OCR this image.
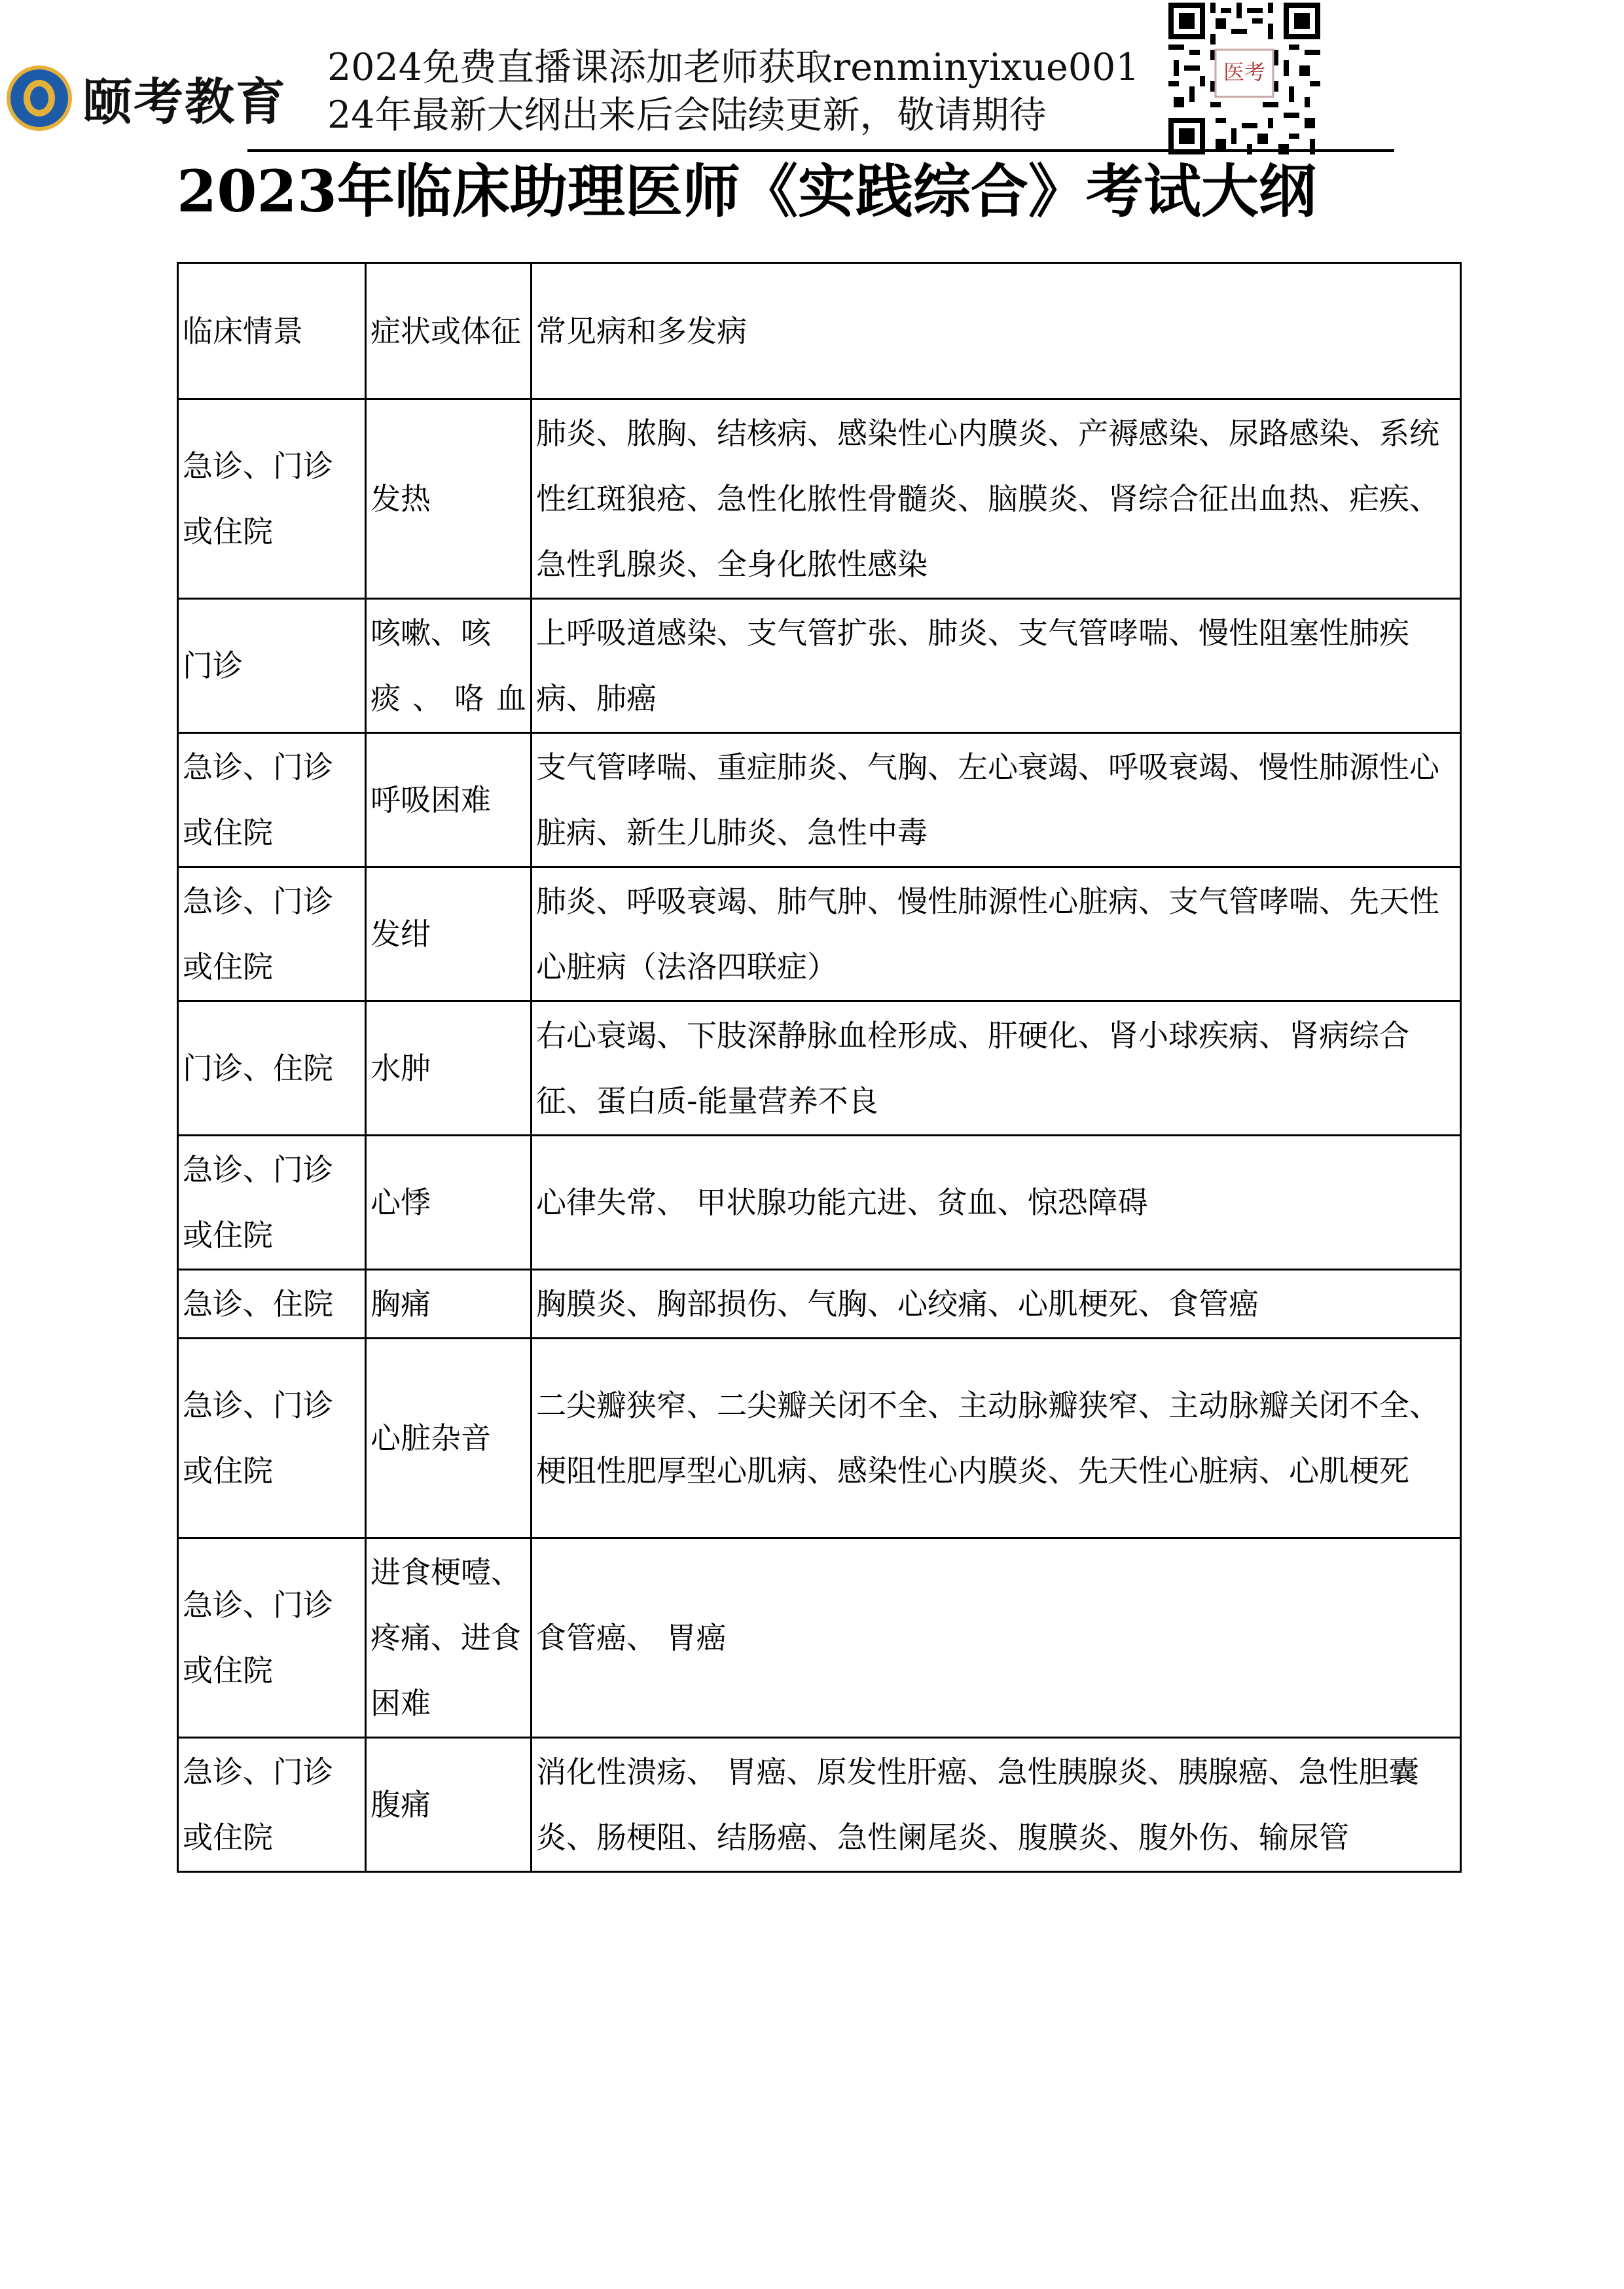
颐考教育
2024免费直播课添加老师获取renminyixue001
24年最新大纲出来后会陆续更新，敬请期待
医考
2023年临床助理医师《实践综合》考试大纲
临床情景	症状或体征	常见病和多发病
急诊、门诊或住院	发热	肺炎、脓胸、结核病、感染性心内膜炎、产褥感染、尿路感染、系统性红斑狼疮、急性化脓性骨髓炎、脑膜炎、肾综合征出血热、疟疾、急性乳腺炎、全身化脓性感染
门诊	咳嗽、咳痰、咯血	上呼吸道感染、支气管扩张、肺炎、支气管哮喘、慢性阻塞性肺疾病、肺癌
急诊、门诊或住院	呼吸困难	支气管哮喘、重症肺炎、气胸、左心衰竭、呼吸衰竭、慢性肺源性心脏病、新生儿肺炎、急性中毒
急诊、门诊或住院	发绀	肺炎、呼吸衰竭、肺气肿、慢性肺源性心脏病、支气管哮喘、先天性心脏病（法洛四联症）
门诊、住院	水肿	右心衰竭、下肢深静脉血栓形成、肝硬化、肾小球疾病、肾病综合征、蛋白质-能量营养不良
急诊、门诊或住院	心悸	心律失常、 甲状腺功能亢进、贫血、惊恐障碍
急诊、住院	胸痛	胸膜炎、胸部损伤、气胸、心绞痛、心肌梗死、食管癌
急诊、门诊或住院	心脏杂音	二尖瓣狭窄、二尖瓣关闭不全、主动脉瓣狭窄、主动脉瓣关闭不全、梗阻性肥厚型心肌病、感染性心内膜炎、先天性心脏病、心肌梗死
急诊、门诊或住院	进食梗噎、疼痛、进食困难	食管癌、 胃癌
急诊、门诊或住院	腹痛	消化性溃疡、 胃癌、原发性肝癌、急性胰腺炎、胰腺癌、急性胆囊炎、肠梗阻、结肠癌、急性阑尾炎、腹膜炎、腹外伤、输尿管
